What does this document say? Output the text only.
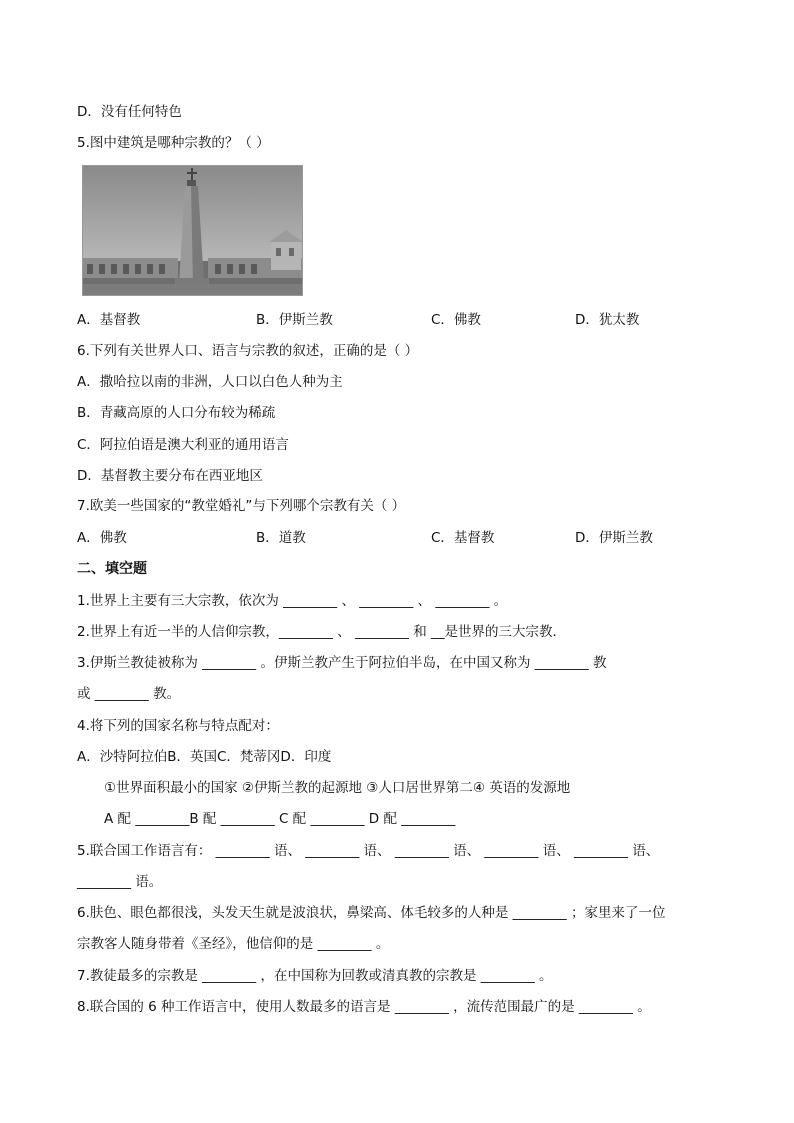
D．没有任何特色
5.图中建筑是哪种宗教的？（ ）
A．基督教	B．伊斯兰教	C．佛教	D．犹太教
6.下列有关世界人口、语言与宗教的叙述，正确的是（ ）
A．撒哈拉以南的非洲，人口以白色人种为主
B．青藏高原的人口分布较为稀疏
C．阿拉伯语是澳大利亚的通用语言
D．基督教主要分布在西亚地区
7.欧美一些国家的“教堂婚礼”与下列哪个宗教有关（ ）
A．佛教	B．道教	C．基督教	D．伊斯兰教
二、填空题
1.世界上主要有三大宗教，依次为 ________ 、 ________ 、 ________ 。
2.世界上有近一半的人信仰宗教，________ 、 ________ 和 __是世界的三大宗教．
3.伊斯兰教徒被称为 ________ 。伊斯兰教产生于阿拉伯半岛，在中国又称为 ________ 教
或 ________ 教。
4.将下列的国家名称与特点配对：
A．沙特阿拉伯B．英国C．梵蒂冈D．印度
①世界面积最小的国家 ②伊斯兰教的起源地 ③人口居世界第二④ 英语的发源地
A 配 ________B 配 ________ C 配 ________ D 配 ________
5.联合国工作语言有： ________ 语、 ________ 语、 ________ 语、 ________ 语、 ________ 语、
________ 语。
6.肤色、眼色都很浅，头发天生就是波浪状，鼻梁高、体毛较多的人种是 ________ ；家里来了一位
宗教客人随身带着《圣经》，他信仰的是 ________ 。
7.教徒最多的宗教是 ________ ，在中国称为回教或清真教的宗教是 ________ 。
8.联合国的 6 种工作语言中，使用人数最多的语言是 ________ ，流传范围最广的是 ________ 。
